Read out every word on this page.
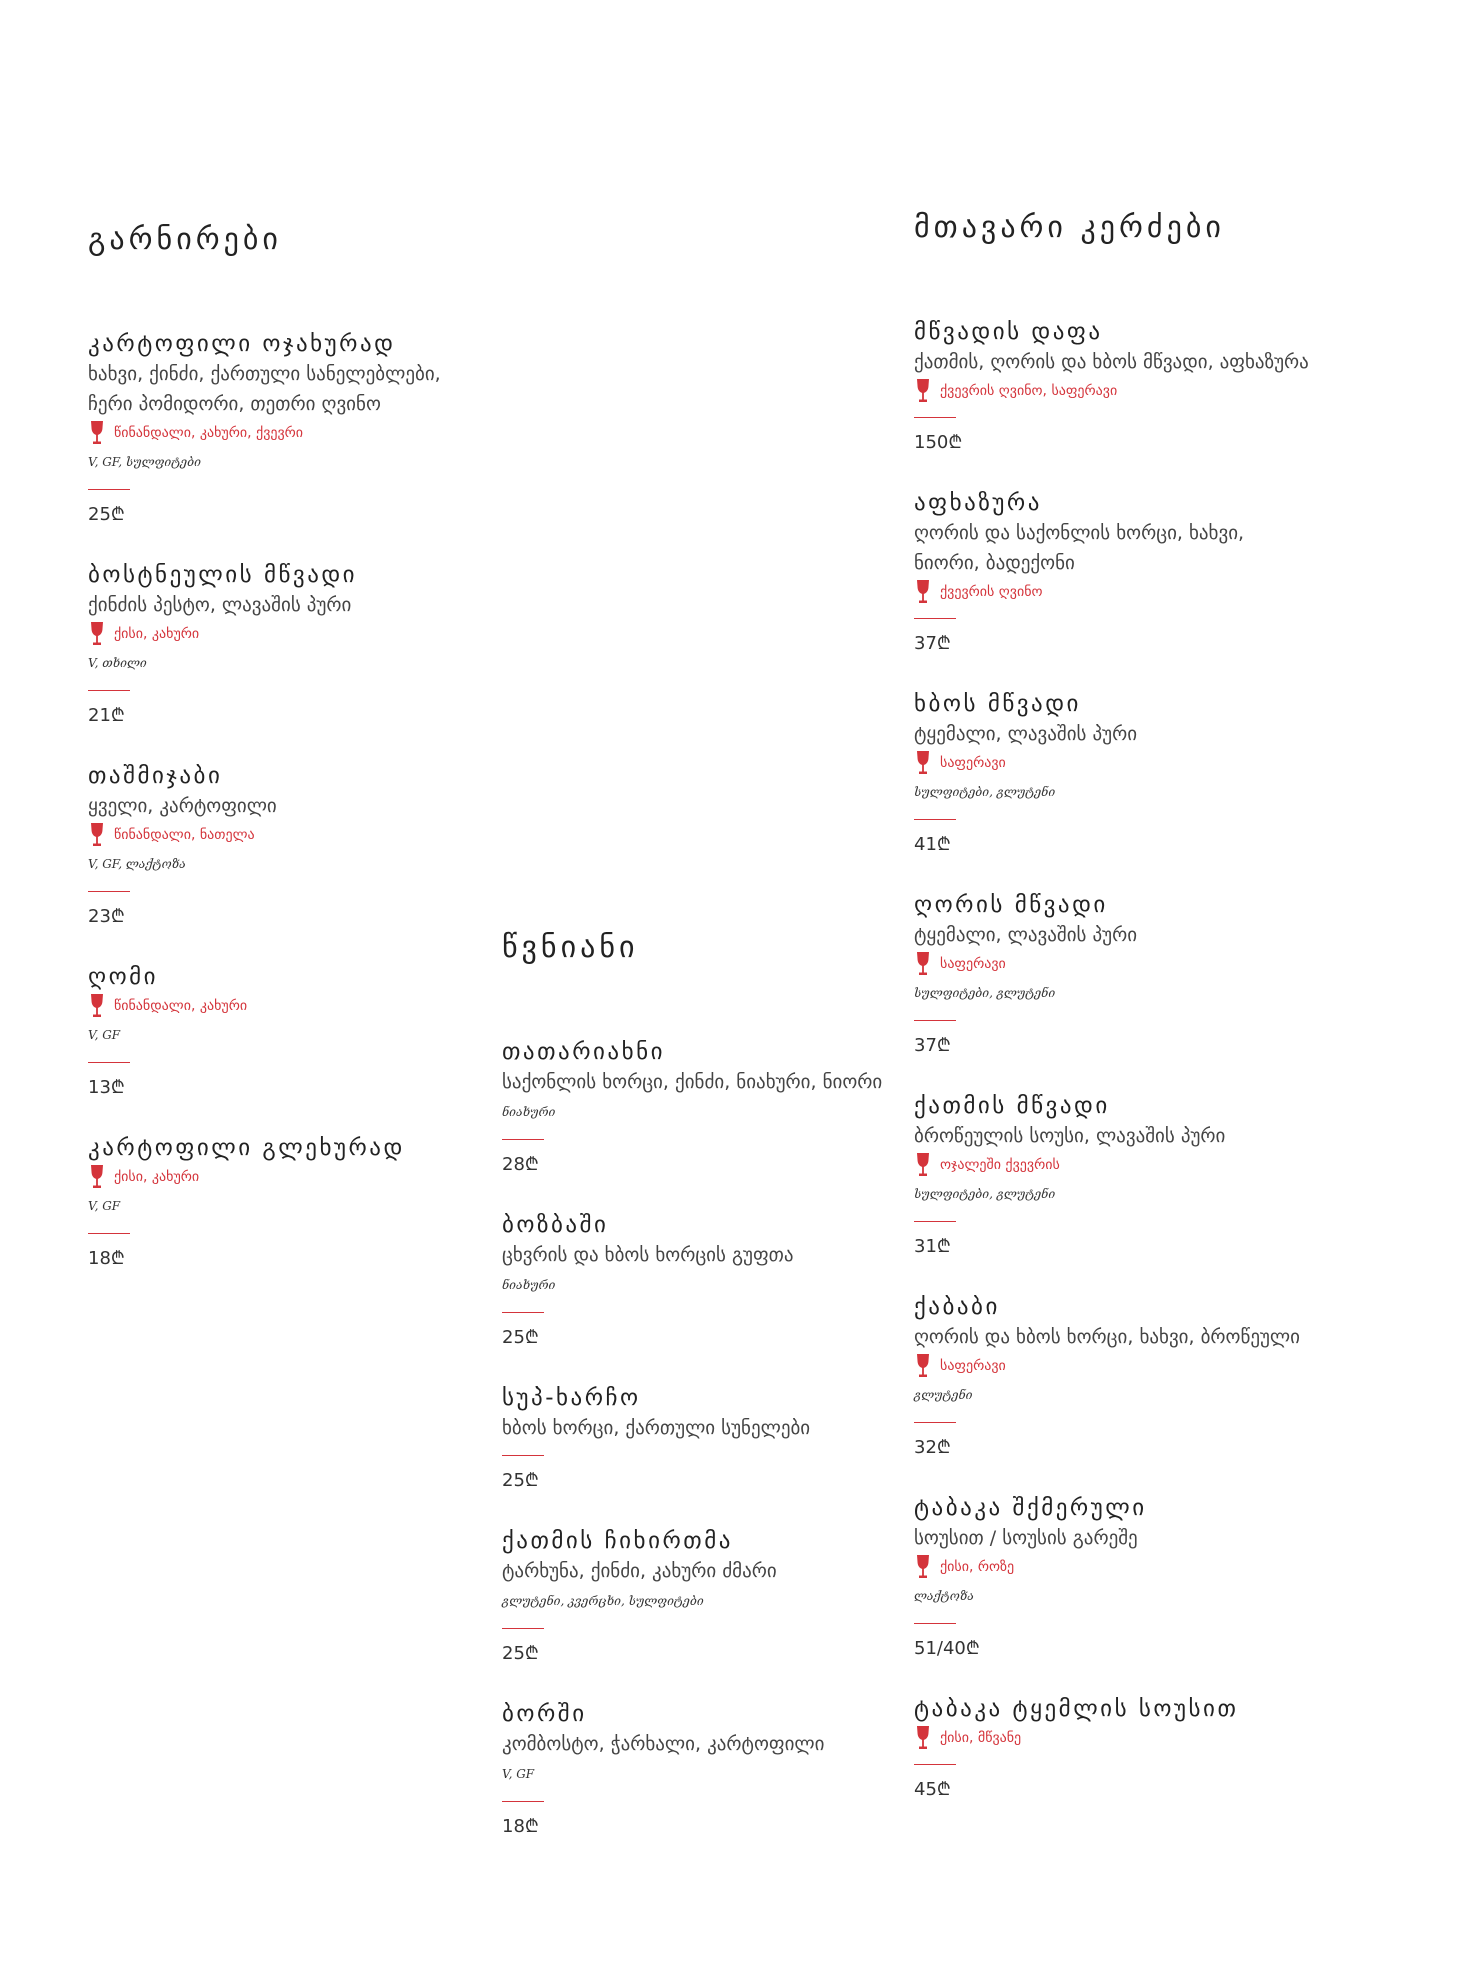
გარნირები
კარტოფილი ოჯახურად
ხახვი, ქინძი, ქართული სანელებლები, ჩერი პომიდორი, თეთრი ღვინო
წინანდალი, კახური, ქვევრი
V, GF, სულფიტები
25₾
ბოსტნეულის მწვადი
ქინძის პესტო, ლავაშის პური
ქისი, კახური
V, თხილი
21₾
თაშმიჯაბი
ყველი, კარტოფილი
წინანდალი, ნათელა
V, GF, ლაქტოზა
23₾
ღომი
წინანდალი, კახური
V, GF
13₾
კარტოფილი გლეხურად
ქისი, კახური
V, GF
18₾
წვნიანი
თათარიახნი
საქონლის ხორცი, ქინძი, ნიახური, ნიორი
ნიახური
28₾
ბოზბაში
ცხვრის და ხბოს ხორცის გუფთა
ნიახური
25₾
სუპ-ხარჩო
ხბოს ხორცი, ქართული სუნელები
25₾
ქათმის ჩიხირთმა
ტარხუნა, ქინძი, კახური ძმარი
გლუტენი, კვერცხი, სულფიტები
25₾
ბორში
კომბოსტო, ჭარხალი, კარტოფილი
V, GF
18₾
მთავარი კერძები
მწვადის დაფა
ქათმის, ღორის და ხბოს მწვადი, აფხაზურა
ქვევრის ღვინო, საფერავი
150₾
აფხაზურა
ღორის და საქონლის ხორცი, ხახვი, ნიორი, ბადექონი
ქვევრის ღვინო
37₾
ხბოს მწვადი
ტყემალი, ლავაშის პური
საფერავი
სულფიტები, გლუტენი
41₾
ღორის მწვადი
ტყემალი, ლავაშის პური
საფერავი
სულფიტები, გლუტენი
37₾
ქათმის მწვადი
ბროწეულის სოუსი, ლავაშის პური
ოჯალეში ქვევრის
სულფიტები, გლუტენი
31₾
ქაბაბი
ღორის და ხბოს ხორცი, ხახვი, ბროწეული
საფერავი
გლუტენი
32₾
ტაბაკა შქმერული
სოუსით / სოუსის გარეშე
ქისი, როზე
ლაქტოზა
51/40₾
ტაბაკა ტყემლის სოუსით
ქისი, მწვანე
45₾
